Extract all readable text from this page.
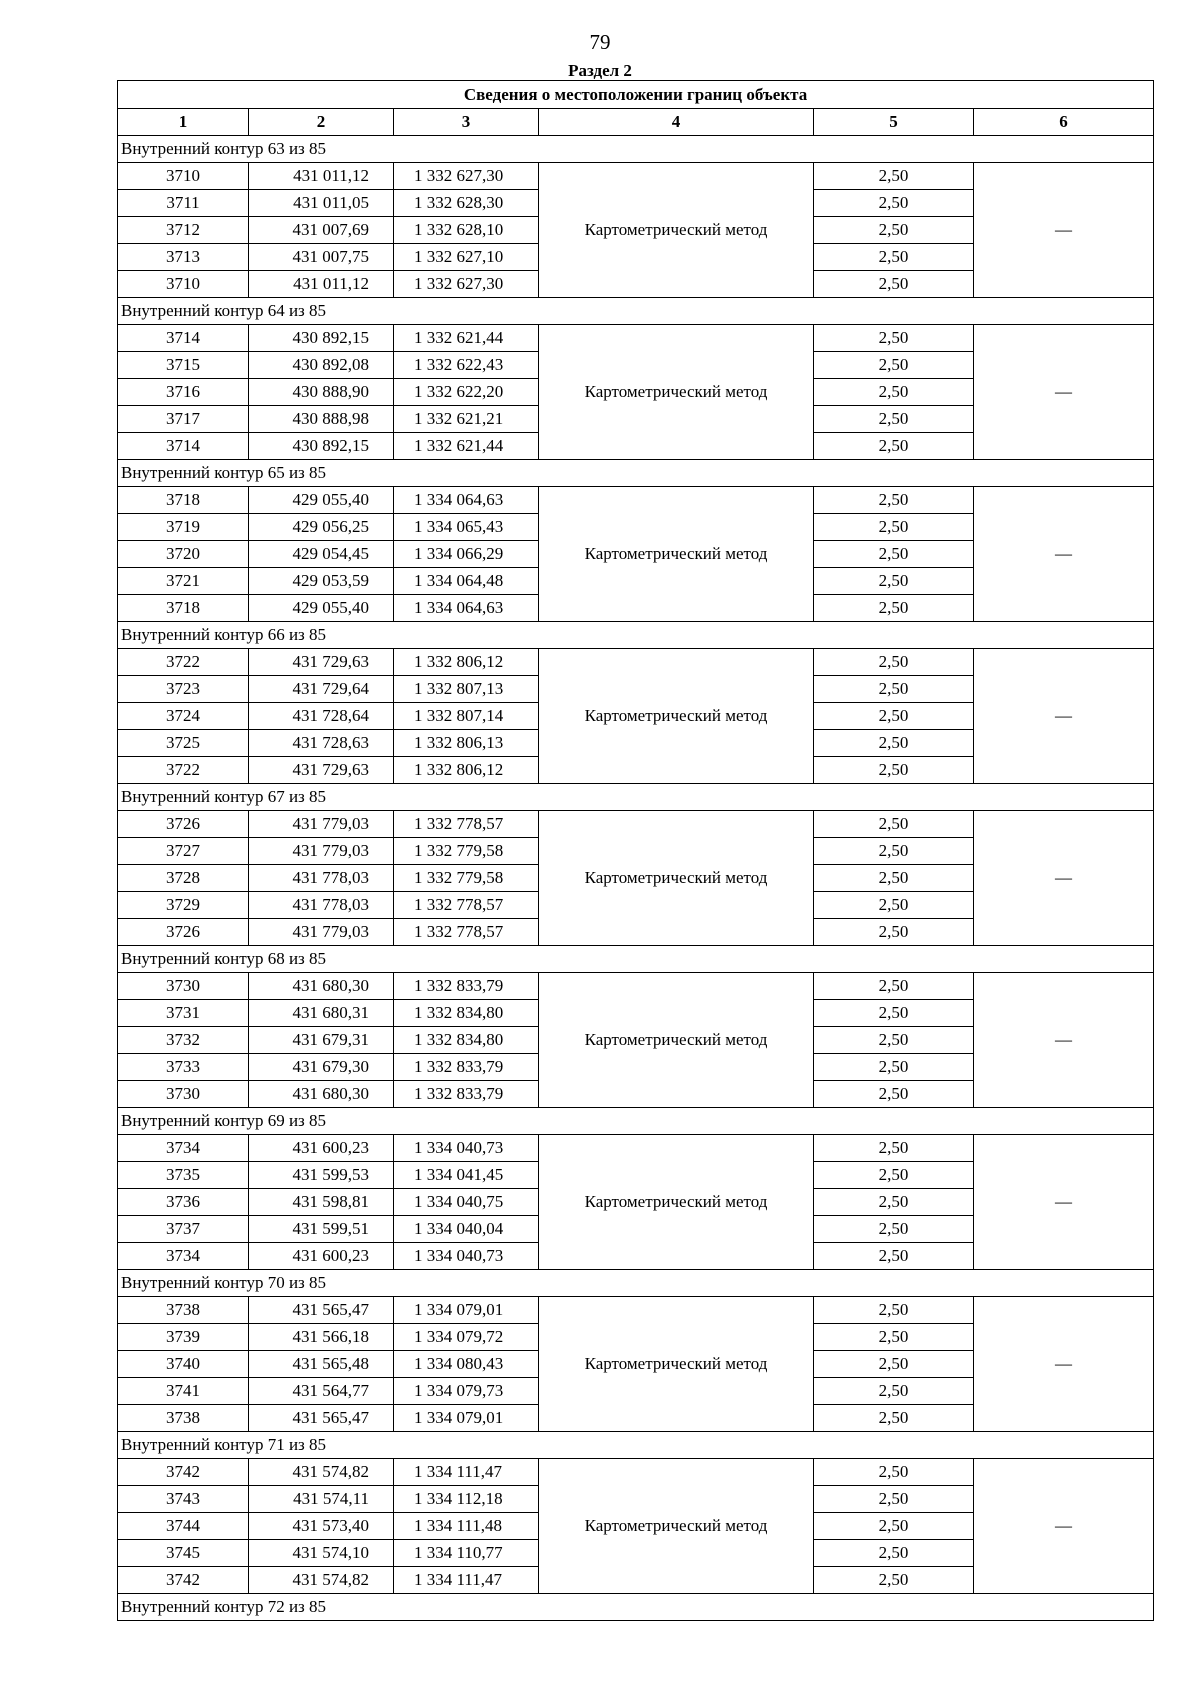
79
Раздел 2
Сведения о местоположении границ объекта					
1	2	3	4	5	6
Внутренний контур 63 из 85					
3710	431 011,12	1 332 627,30	Картометрический метод	2,50	—
3711	431 011,05	1 332 628,30		2,50	
3712	431 007,69	1 332 628,10		2,50	
3713	431 007,75	1 332 627,10		2,50	
3710	431 011,12	1 332 627,30		2,50	
Внутренний контур 64 из 85					
3714	430 892,15	1 332 621,44	Картометрический метод	2,50	—
3715	430 892,08	1 332 622,43		2,50	
3716	430 888,90	1 332 622,20		2,50	
3717	430 888,98	1 332 621,21		2,50	
3714	430 892,15	1 332 621,44		2,50	
Внутренний контур 65 из 85					
3718	429 055,40	1 334 064,63	Картометрический метод	2,50	—
3719	429 056,25	1 334 065,43		2,50	
3720	429 054,45	1 334 066,29		2,50	
3721	429 053,59	1 334 064,48		2,50	
3718	429 055,40	1 334 064,63		2,50	
Внутренний контур 66 из 85					
3722	431 729,63	1 332 806,12	Картометрический метод	2,50	—
3723	431 729,64	1 332 807,13		2,50	
3724	431 728,64	1 332 807,14		2,50	
3725	431 728,63	1 332 806,13		2,50	
3722	431 729,63	1 332 806,12		2,50	
Внутренний контур 67 из 85					
3726	431 779,03	1 332 778,57	Картометрический метод	2,50	—
3727	431 779,03	1 332 779,58		2,50	
3728	431 778,03	1 332 779,58		2,50	
3729	431 778,03	1 332 778,57		2,50	
3726	431 779,03	1 332 778,57		2,50	
Внутренний контур 68 из 85					
3730	431 680,30	1 332 833,79	Картометрический метод	2,50	—
3731	431 680,31	1 332 834,80		2,50	
3732	431 679,31	1 332 834,80		2,50	
3733	431 679,30	1 332 833,79		2,50	
3730	431 680,30	1 332 833,79		2,50	
Внутренний контур 69 из 85					
3734	431 600,23	1 334 040,73	Картометрический метод	2,50	—
3735	431 599,53	1 334 041,45		2,50	
3736	431 598,81	1 334 040,75		2,50	
3737	431 599,51	1 334 040,04		2,50	
3734	431 600,23	1 334 040,73		2,50	
Внутренний контур 70 из 85					
3738	431 565,47	1 334 079,01	Картометрический метод	2,50	—
3739	431 566,18	1 334 079,72		2,50	
3740	431 565,48	1 334 080,43		2,50	
3741	431 564,77	1 334 079,73		2,50	
3738	431 565,47	1 334 079,01		2,50	
Внутренний контур 71 из 85					
3742	431 574,82	1 334 111,47	Картометрический метод	2,50	—
3743	431 574,11	1 334 112,18		2,50	
3744	431 573,40	1 334 111,48		2,50	
3745	431 574,10	1 334 110,77		2,50	
3742	431 574,82	1 334 111,47		2,50	
Внутренний контур 72 из 85					
